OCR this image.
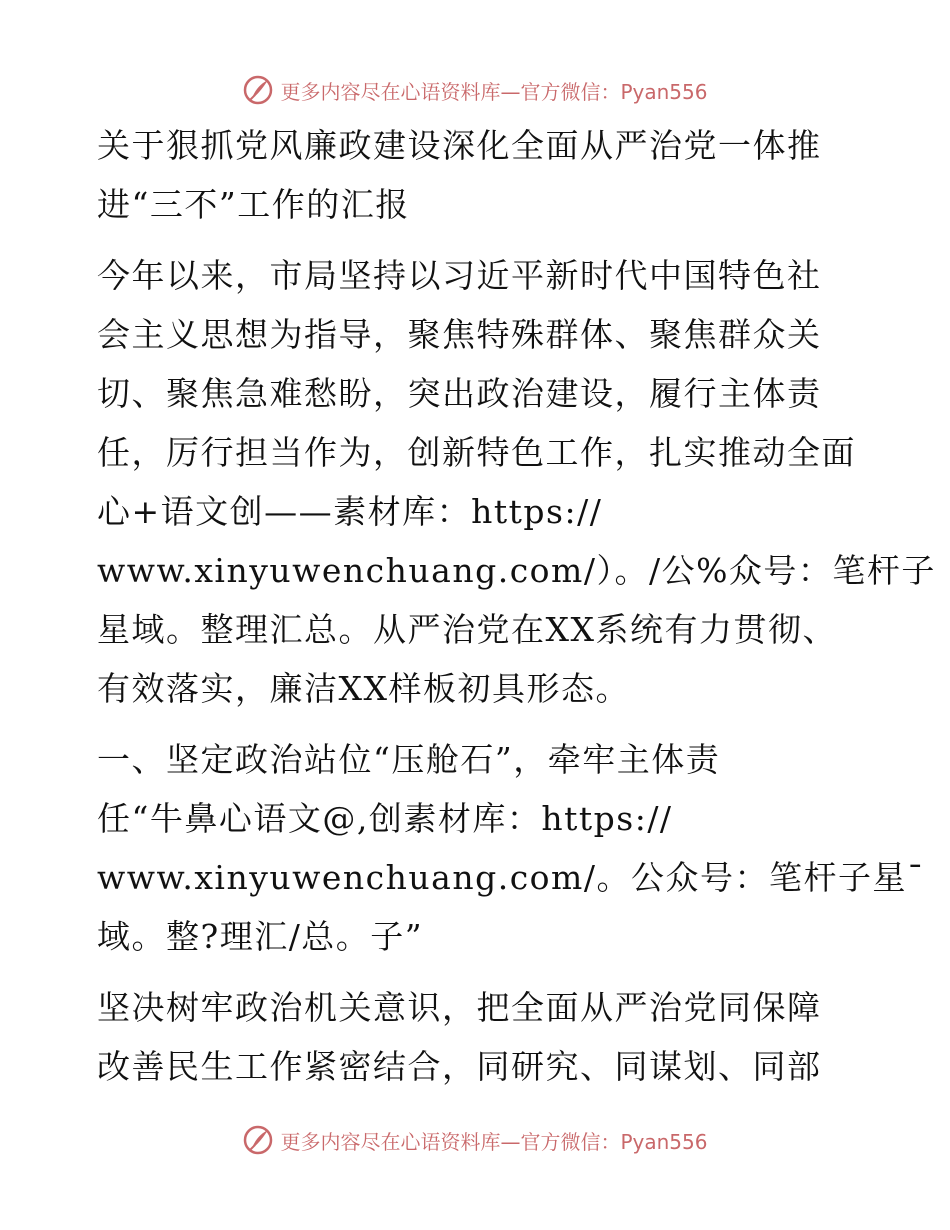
更多内容尽在心语资料库—官方微信：Pyan556
关于狠抓党风廉政建设深化全面从严治党一体推
进“三不”工作的汇报
今年以来，市局坚持以习近平新时代中国特色社
会主义思想为指导，聚焦特殊群体、聚焦群众关
切、聚焦急难愁盼，突出政治建设，履行主体责
任，厉行担当作为，创新特色工作，扎实推动全面
心+语文创——素材库：https://
www.xinyuwenchuang.com/）。/公%众号：笔杆子
星域。整理汇总。从严治党在XX系统有力贯彻、
有效落实，廉洁XX样板初具形态。
一、坚定政治站位“压舱石”，牵牢主体责
任“牛鼻心语文@,创素材库：https://
www.xinyuwenchuang.com/。公众号：笔杆子星¯
域。整?理汇/总。子”
坚决树牢政治机关意识，把全面从严治党同保障
改善民生工作紧密结合，同研究、同谋划、同部
更多内容尽在心语资料库—官方微信：Pyan556
